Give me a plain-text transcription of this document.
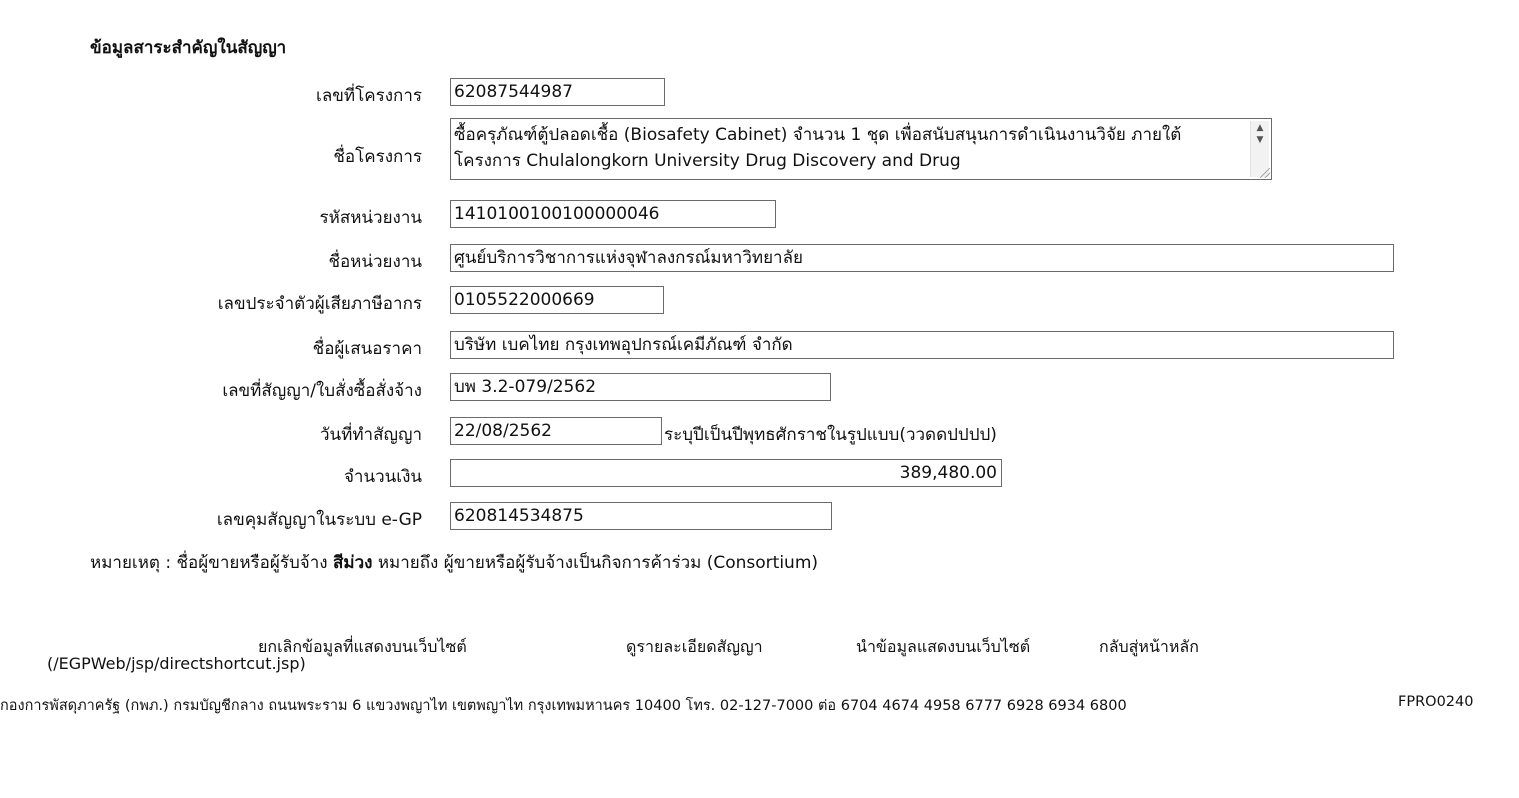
ข้อมูลสาระสำคัญในสัญญา
เลขที่โครงการ 62087544987
ชื่อโครงการ
ซื้อครุภัณฑ์ตู้ปลอดเชื้อ (Biosafety Cabinet) จำนวน 1 ชุด เพื่อสนับสนุนการดำเนินงานวิจัย ภายใต้โครงการ Chulalongkorn University Drug Discovery and Drug
▲
▼
รหัสหน่วยงาน 1410100100100000046
ชื่อหน่วยงาน ศูนย์บริการวิชาการแห่งจุฬาลงกรณ์มหาวิทยาลัย
เลขประจำตัวผู้เสียภาษีอากร 0105522000669
ชื่อผู้เสนอราคา บริษัท เบคไทย กรุงเทพอุปกรณ์เคมีภัณฑ์ จำกัด
เลขที่สัญญา/ใบสั่งซื้อสั่งจ้าง บพ 3.2-079/2562
วันที่ทำสัญญา 22/08/2562	ระบุปีเป็นปีพุทธศักราชในรูปแบบ(ววดดปปปป)
จำนวนเงิน	389,480.00
เลขคุมสัญญาในระบบ e-GP 620814534875
หมายเหตุ : ชื่อผู้ขายหรือผู้รับจ้าง สีม่วง หมายถึง ผู้ขายหรือผู้รับจ้างเป็นกิจการค้าร่วม (Consortium)
ยกเลิกข้อมูลที่แสดงบนเว็บไซต์	ดูรายละเอียดสัญญา	นำข้อมูลแสดงบนเว็บไซต์	กลับสู่หน้าหลัก
(/EGPWeb/jsp/directshortcut.jsp)
กองการพัสดุภาครัฐ (กพภ.) กรมบัญชีกลาง ถนนพระราม 6 แขวงพญาไท เขตพญาไท กรุงเทพมหานคร 10400 โทร. 02-127-7000 ต่อ 6704 4674 4958 6777 6928 6934 6800	FPRO0240
